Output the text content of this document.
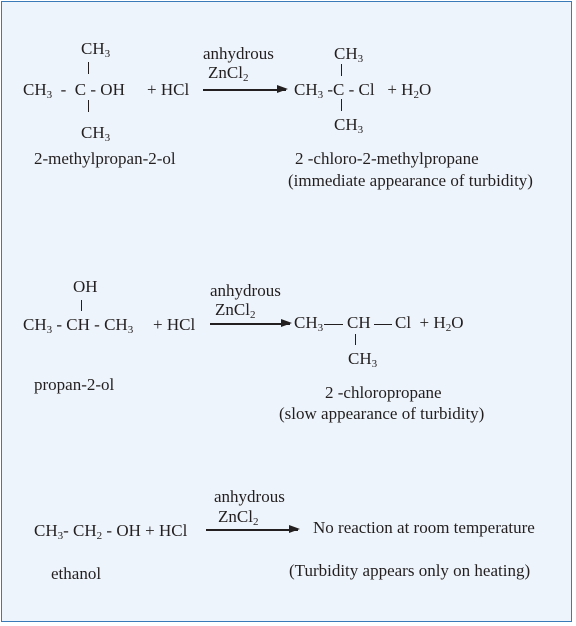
$CH_3$
$CH_3$  -  C - OH
$CH_3$
+ HCl
anhydrous
ZnCl$_2$
$CH_3$
$CH_3$ $-C - Cl + H_2O$
$CH_3$
2-methylpropan-2-ol	2 -chloro-2-methylpropane
(immediate appearance of turbidity)
OH
$CH_3$ - CH - $CH_3$ + HCl
anhydrous
ZnCl$_2$ $CH_3$ CH $Cl + H_2O$
$CH_3$
propan-2-ol	2 -chloropropane
(slow appearance of turbidity)
anhydrous
ZnCl$_2$
$CH_3-$ $CH_2$ - OH + HCl	No reaction at room temperature
ethanol	(Turbidity appears only on heating)
